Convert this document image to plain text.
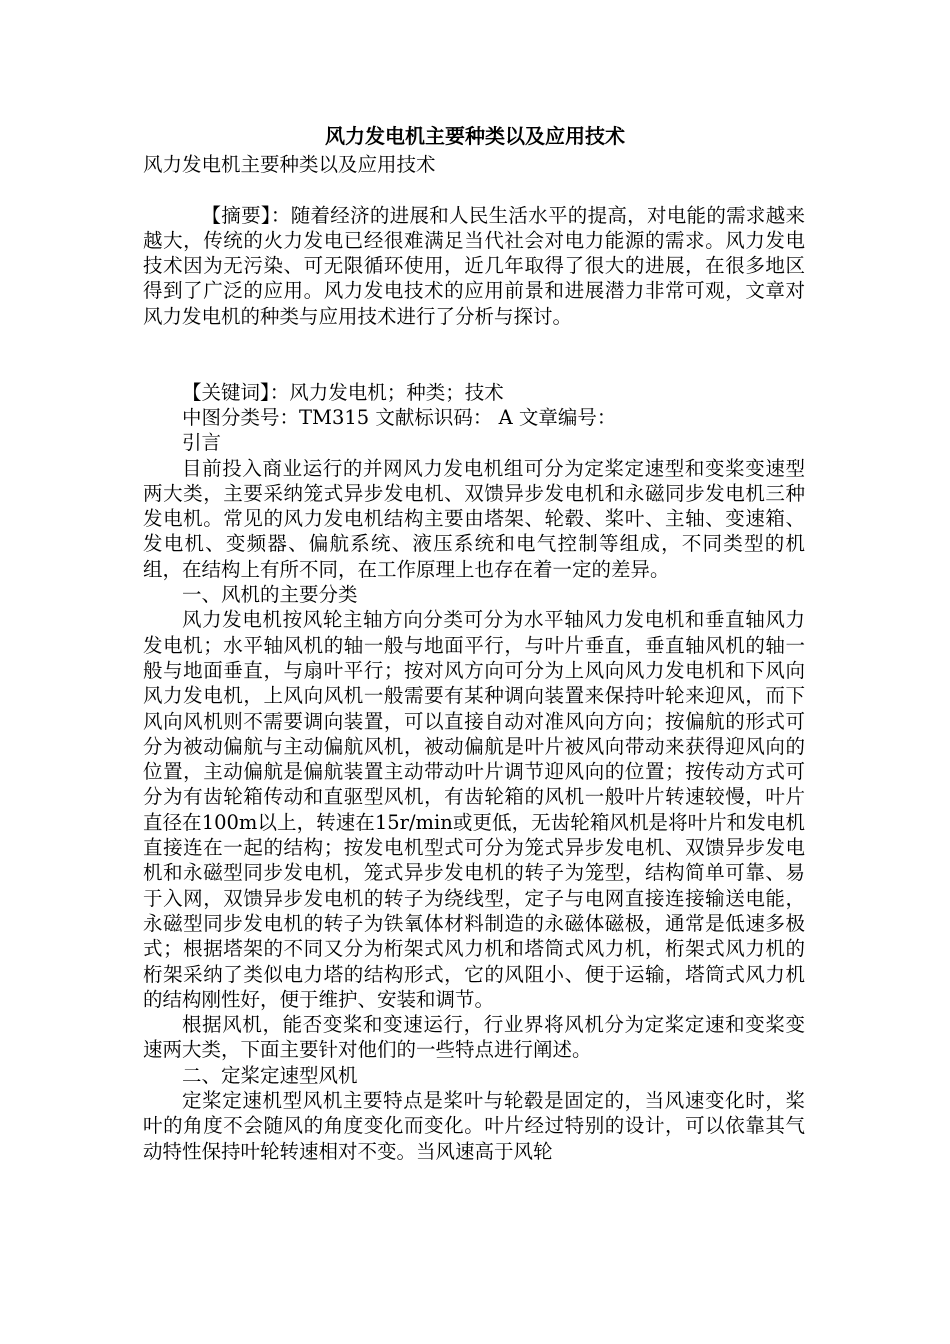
风力发电机主要种类以及应用技术

风力发电机主要种类以及应用技术

【摘要】：随着经济的进展和人民生活水平的提高，对电能的需求越来越大，传统的火力发电已经很难满足当代社会对电力能源的需求。风力发电技术因为无污染、可无限循环使用，近几年取得了很大的进展，在很多地区得到了广泛的应用。风力发电技术的应用前景和进展潜力非常可观，文章对风力发电机的种类与应用技术进行了分析与探讨。

【关键词】：风力发电机；种类；技术

中图分类号：TM315 文献标识码： A 文章编号：

引言

目前投入商业运行的并网风力发电机组可分为定桨定速型和变桨变速型两大类，主要采纳笼式异步发电机、双馈异步发电机和永磁同步发电机三种发电机。常见的风力发电机结构主要由塔架、轮毂、桨叶、主轴、变速箱、发电机、变频器、偏航系统、液压系统和电气控制等组成，不同类型的机组，在结构上有所不同，在工作原理上也存在着一定的差异。

一、风机的主要分类

风力发电机按风轮主轴方向分类可分为水平轴风力发电机和垂直轴风力发电机；水平轴风机的轴一般与地面平行，与叶片垂直，垂直轴风机的轴一般与地面垂直，与扇叶平行；按对风方向可分为上风向风力发电机和下风向风力发电机，上风向风机一般需要有某种调向装置来保持叶轮来迎风，而下风向风机则不需要调向装置，可以直接自动对准风向方向；按偏航的形式可分为被动偏航与主动偏航风机，被动偏航是叶片被风向带动来获得迎风向的位置，主动偏航是偏航装置主动带动叶片调节迎风向的位置；按传动方式可分为有齿轮箱传动和直驱型风机，有齿轮箱的风机一般叶片转速较慢，叶片直径在100m以上，转速在15r/min或更低，无齿轮箱风机是将叶片和发电机直接连在一起的结构；按发电机型式可分为笼式异步发电机、双馈异步发电机和永磁型同步发电机，笼式异步发电机的转子为笼型，结构简单可靠、易于入网，双馈异步发电机的转子为绕线型，定子与电网直接连接输送电能，永磁型同步发电机的转子为铁氧体材料制造的永磁体磁极，通常是低速多极式；根据塔架的不同又分为桁架式风力机和塔筒式风力机，桁架式风力机的桁架采纳了类似电力塔的结构形式，它的风阻小、便于运输，塔筒式风力机的结构刚性好，便于维护、安装和调节。

根据风机，能否变桨和变速运行，行业界将风机分为定桨定速和变桨变速两大类，下面主要针对他们的一些特点进行阐述。

二、定桨定速型风机

定桨定速机型风机主要特点是桨叶与轮毂是固定的，当风速变化时，桨叶的角度不会随风的角度变化而变化。叶片经过特别的设计，可以依靠其气动特性保持叶轮转速相对不变。当风速高于风轮
